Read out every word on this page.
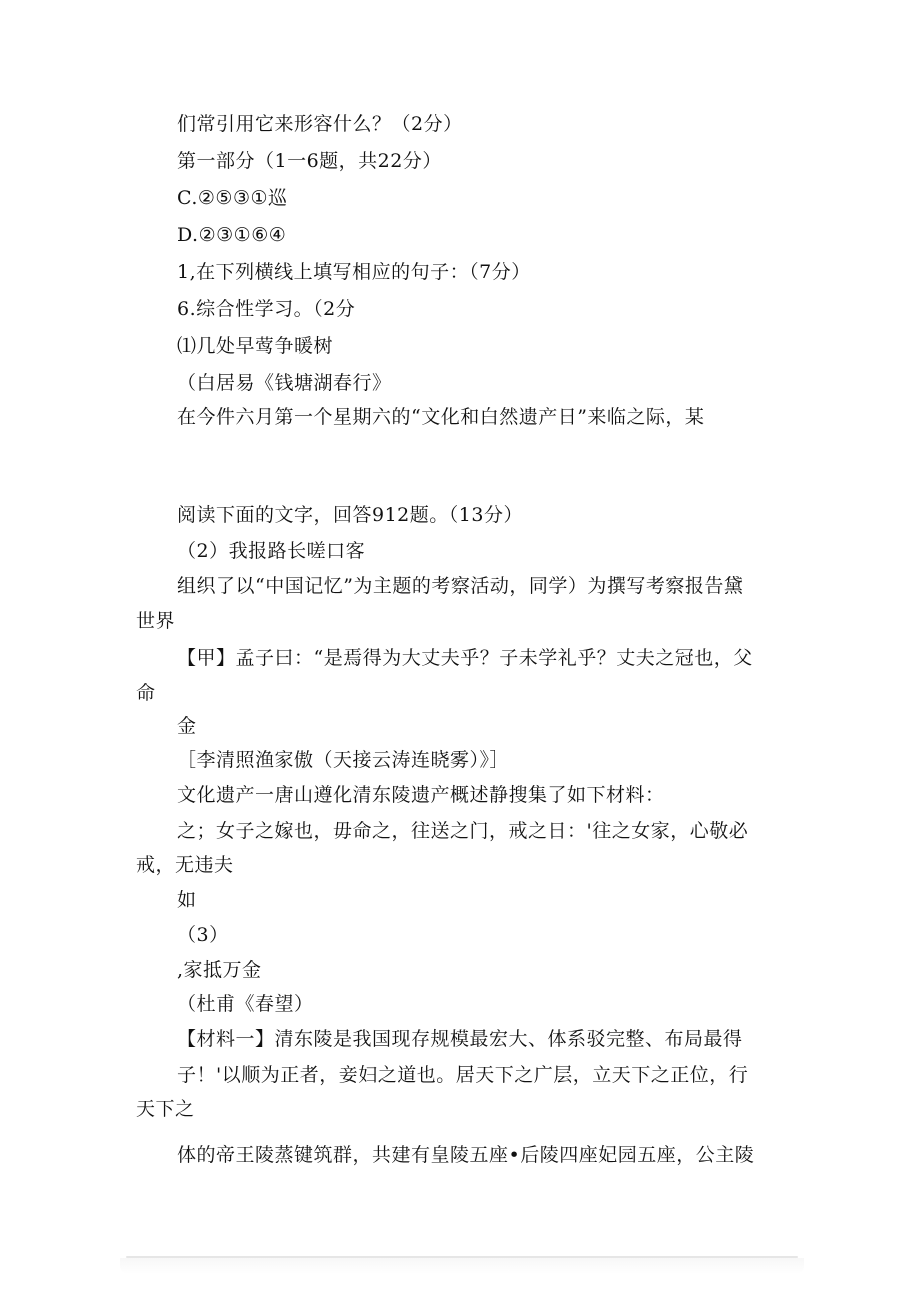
们常引用它来形容什么？（2分）
第一部分（1一6题，共22分）
C.②⑤③①巡
D.②③①⑥④
1,在下列横线上填写相应的句子：（7分）
6.综合性学习。（2分
⑴几处早莺争暖树
（白居易《钱塘湖春行》
在今件六月第一个星期六的“文化和白然遗产日”来临之际，某
阅读下面的文字，回答912题。（13分）
（2）我报路长嗟口客
组织了以“中国记忆”为主题的考察活动，同学）为撰写考察报告黛
世界
【甲】孟子曰：“是焉得为大丈夫乎？子未学礼乎？丈夫之冠也，父
命
金
［李清照渔家傲（天接云涛连晓雾）》］
文化遗产一唐山遵化清东陵遗产概述静搜集了如下材料：
之；女子之嫁也，毋命之，往送之门，戒之日：'往之女家，心敬必
戒，无违夫
如
（3）
,家抵万金
（杜甫《春望）
【材料一】清东陵是我国现存规模最宏大、体系驳完整、布局最得
子！'以顺为正者，妾妇之道也。居天下之广层，立天下之正位，行
天下之
体的帝王陵蒸键筑群，共建有皇陵五座•后陵四座妃园五座，公主陵
